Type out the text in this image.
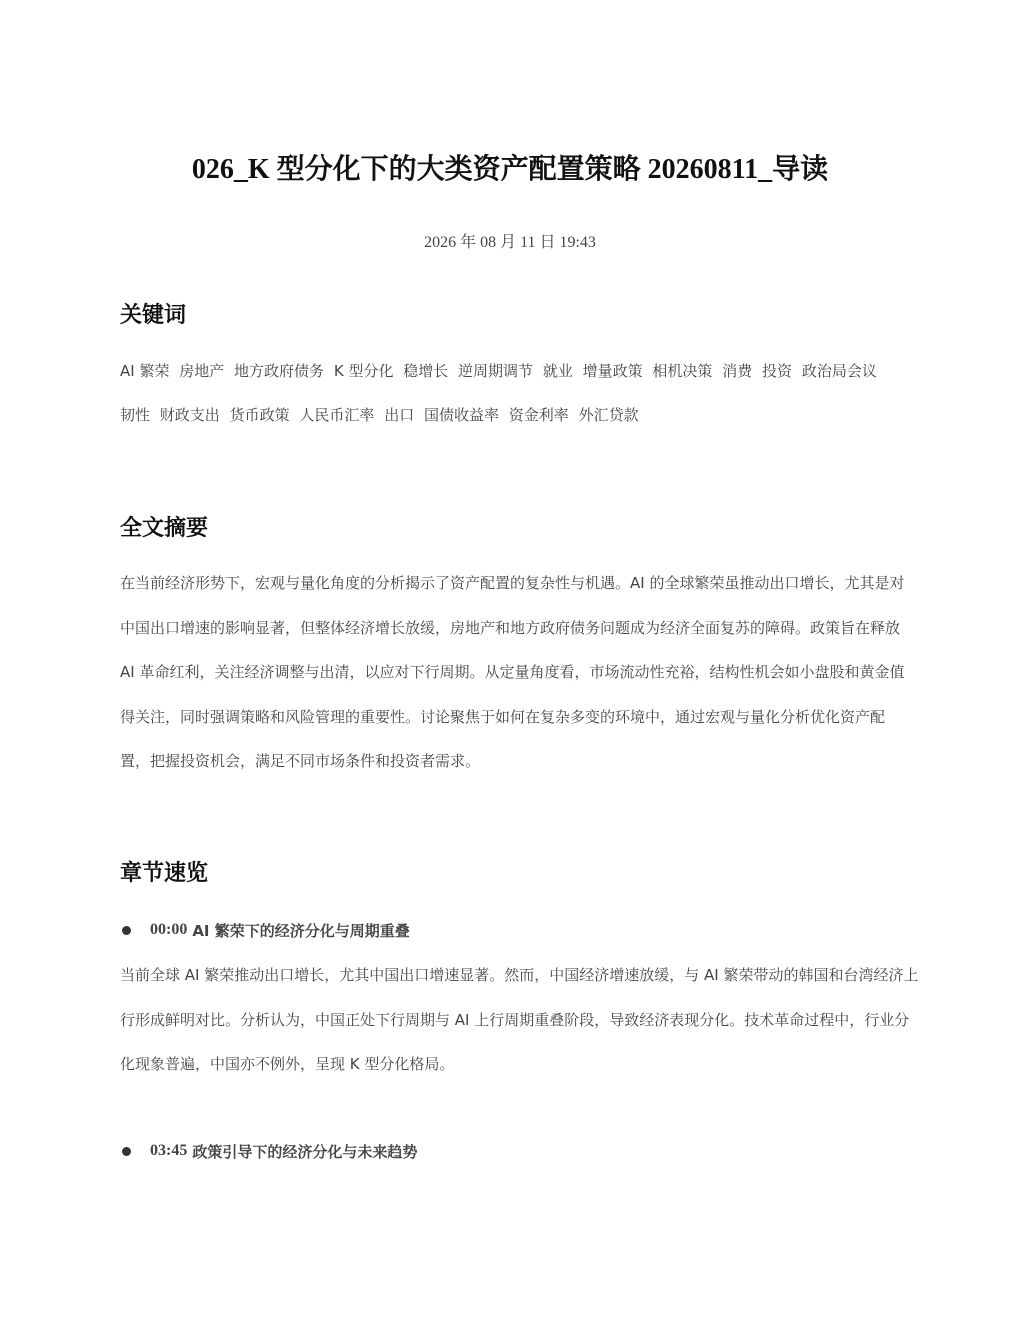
026_K 型分化下的大类资产配置策略 20260811_导读
2026 年 08 月 11 日 19:43
关键词
AI 繁荣 房地产 地方政府债务 K 型分化 稳增长 逆周期调节 就业 增量政策 相机决策 消费 投资 政治局会议 韧性 财政支出 货币政策 人民币汇率 出口 国债收益率 资金利率 外汇贷款
全文摘要

在当前经济形势下，宏观与量化角度的分析揭示了资产配置的复杂性与机遇。AI 的全球繁荣虽推动出口增长，尤其是对中国出口增速的影响显著，但整体经济增长放缓，房地产和地方政府债务问题成为经济全面复苏的障碍。政策旨在释放 AI 革命红利，关注经济调整与出清，以应对下行周期。从定量角度看，市场流动性充裕，结构性机会如小盘股和黄金值得关注，同时强调策略和风险管理的重要性。讨论聚焦于如何在复杂多变的环境中，通过宏观与量化分析优化资产配置，把握投资机会，满足不同市场条件和投资者需求。

章节速览
00:00 AI 繁荣下的经济分化与周期重叠

当前全球 AI 繁荣推动出口增长，尤其中国出口增速显著。然而，中国经济增速放缓，与 AI 繁荣带动的韩国和台湾经济上行形成鲜明对比。分析认为，中国正处下行周期与 AI 上行周期重叠阶段，导致经济表现分化。技术革命过程中，行业分化现象普遍，中国亦不例外，呈现 K 型分化格局。

03:45 政策引导下的经济分化与未来趋势
